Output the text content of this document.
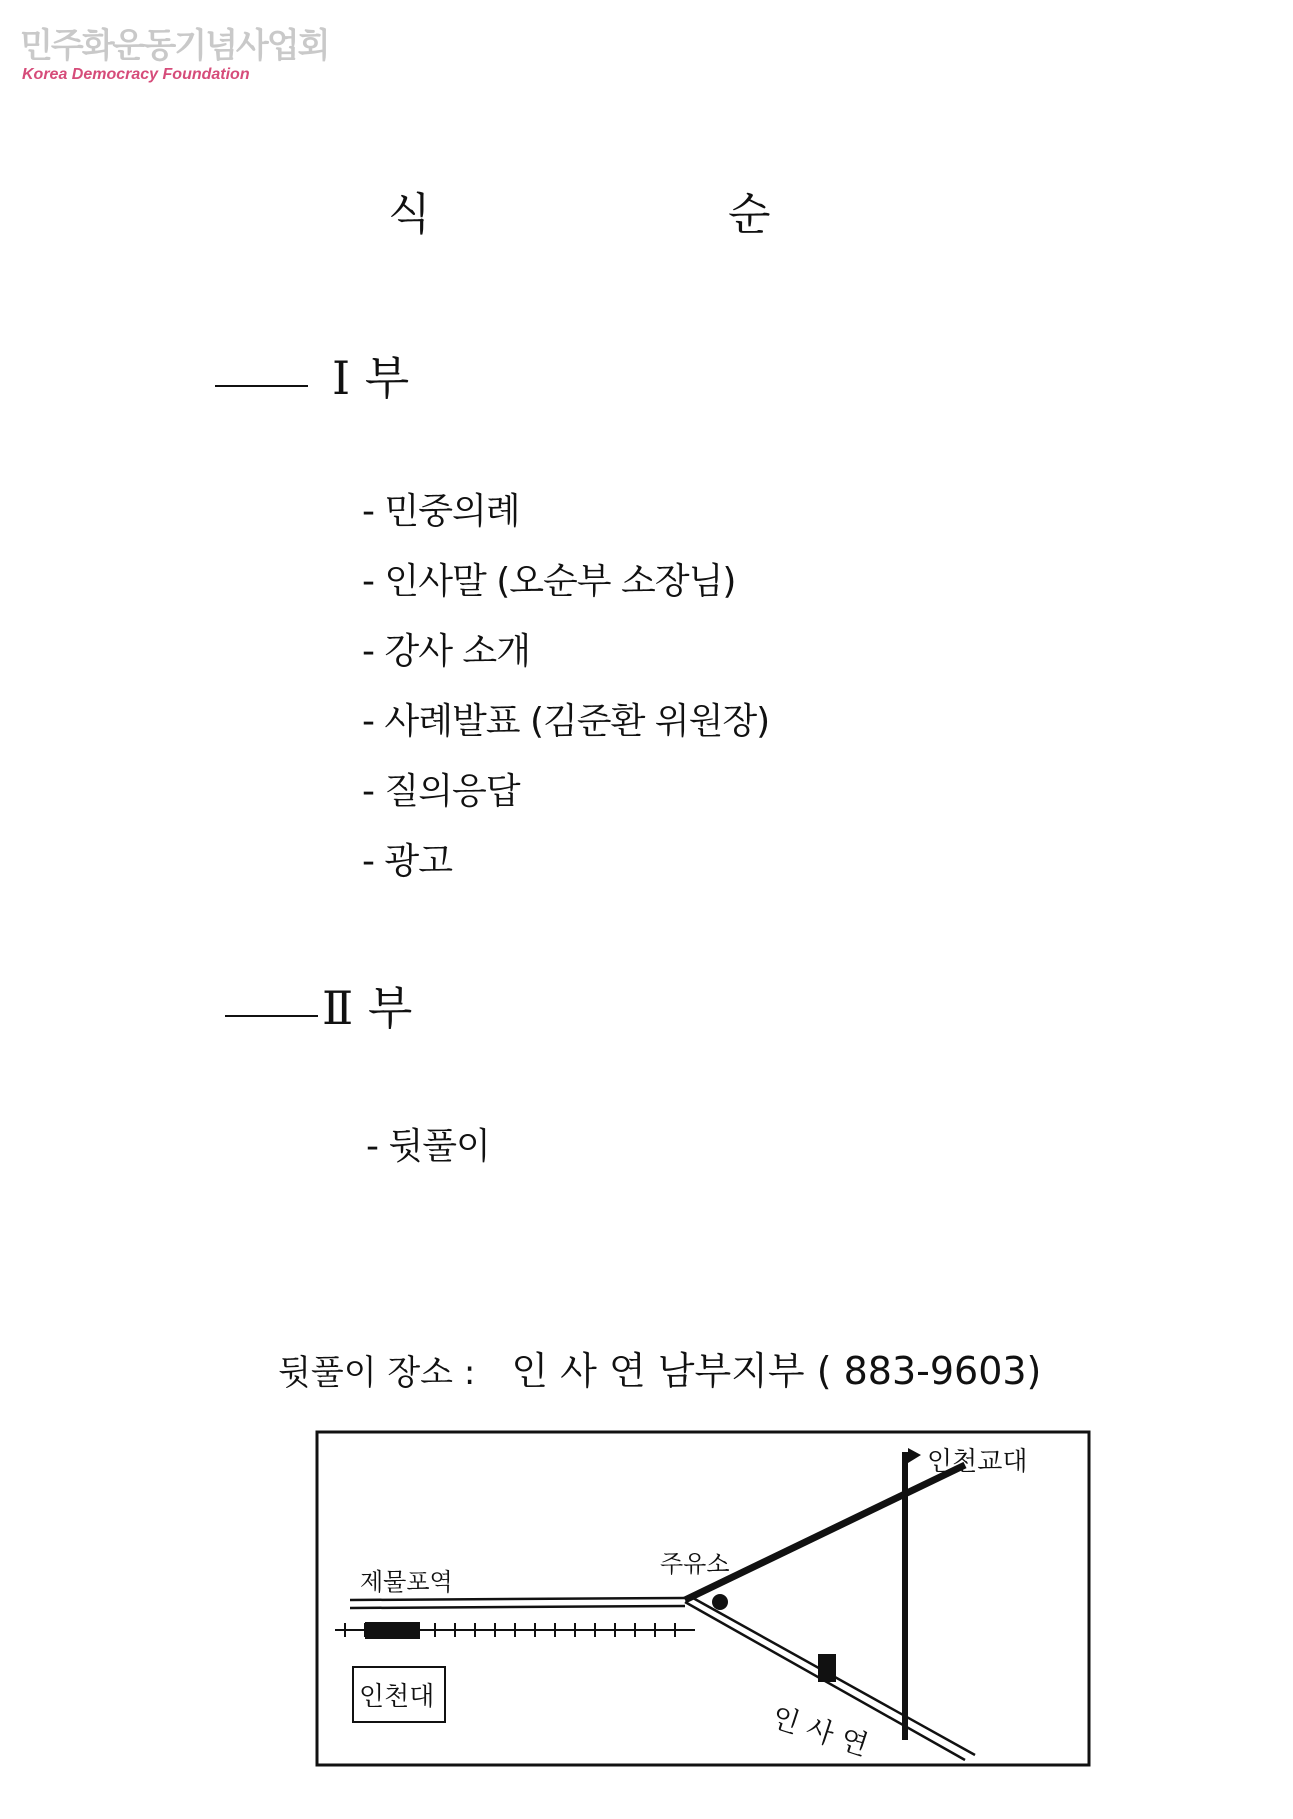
민주화운동기념사업회
Korea Democracy Foundation
식	순
I 부
- 민중의례
- 인사말 (오순부 소장님)
- 강사 소개
- 사례발표 (김준환 위원장)
- 질의응답
- 광고
Ⅱ 부
- 뒷풀이
뒷풀이 장소 : 인 사 연 남부지부 ( 883-9603)
제물포역
인천대
주유소
인천교대
인 사 연
